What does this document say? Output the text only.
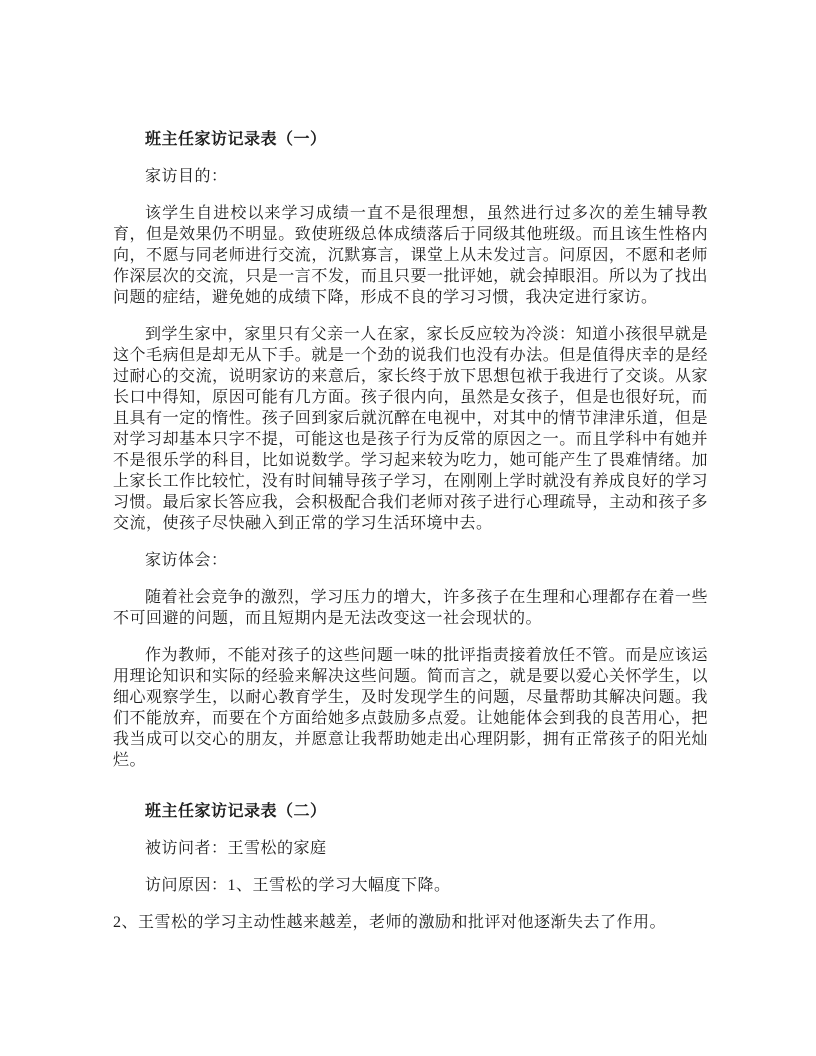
班主任家访记录表（一）

家访目的：

该学生自进校以来学习成绩一直不是很理想，虽然进行过多次的差生辅导教育，但是效果仍不明显。致使班级总体成绩落后于同级其他班级。而且该生性格内向，不愿与同老师进行交流，沉默寡言，课堂上从未发过言。问原因，不愿和老师作深层次的交流，只是一言不发，而且只要一批评她，就会掉眼泪。所以为了找出问题的症结，避免她的成绩下降，形成不良的学习习惯，我决定进行家访。

到学生家中，家里只有父亲一人在家，家长反应较为冷淡：知道小孩很早就是这个毛病但是却无从下手。就是一个劲的说我们也没有办法。但是值得庆幸的是经过耐心的交流，说明家访的来意后，家长终于放下思想包袱于我进行了交谈。从家长口中得知，原因可能有几方面。孩子很内向，虽然是女孩子，但是也很好玩，而且具有一定的惰性。孩子回到家后就沉醉在电视中，对其中的情节津津乐道，但是对学习却基本只字不提，可能这也是孩子行为反常的原因之一。而且学科中有她并不是很乐学的科目，比如说数学。学习起来较为吃力，她可能产生了畏难情绪。加上家长工作比较忙，没有时间辅导孩子学习，在刚刚上学时就没有养成良好的学习习惯。最后家长答应我，会积极配合我们老师对孩子进行心理疏导，主动和孩子多交流，使孩子尽快融入到正常的学习生活环境中去。

家访体会：

随着社会竞争的激烈，学习压力的增大，许多孩子在生理和心理都存在着一些不可回避的问题，而且短期内是无法改变这一社会现状的。

作为教师，不能对孩子的这些问题一味的批评指责接着放任不管。而是应该运用理论知识和实际的经验来解决这些问题。简而言之，就是要以爱心关怀学生，以细心观察学生，以耐心教育学生，及时发现学生的问题，尽量帮助其解决问题。我们不能放弃，而要在个方面给她多点鼓励多点爱。让她能体会到我的良苦用心，把我当成可以交心的朋友，并愿意让我帮助她走出心理阴影，拥有正常孩子的阳光灿烂。

班主任家访记录表（二）

被访问者：王雪松的家庭

访问原因：1、王雪松的学习大幅度下降。

2、王雪松的学习主动性越来越差，老师的激励和批评对他逐渐失去了作用。
